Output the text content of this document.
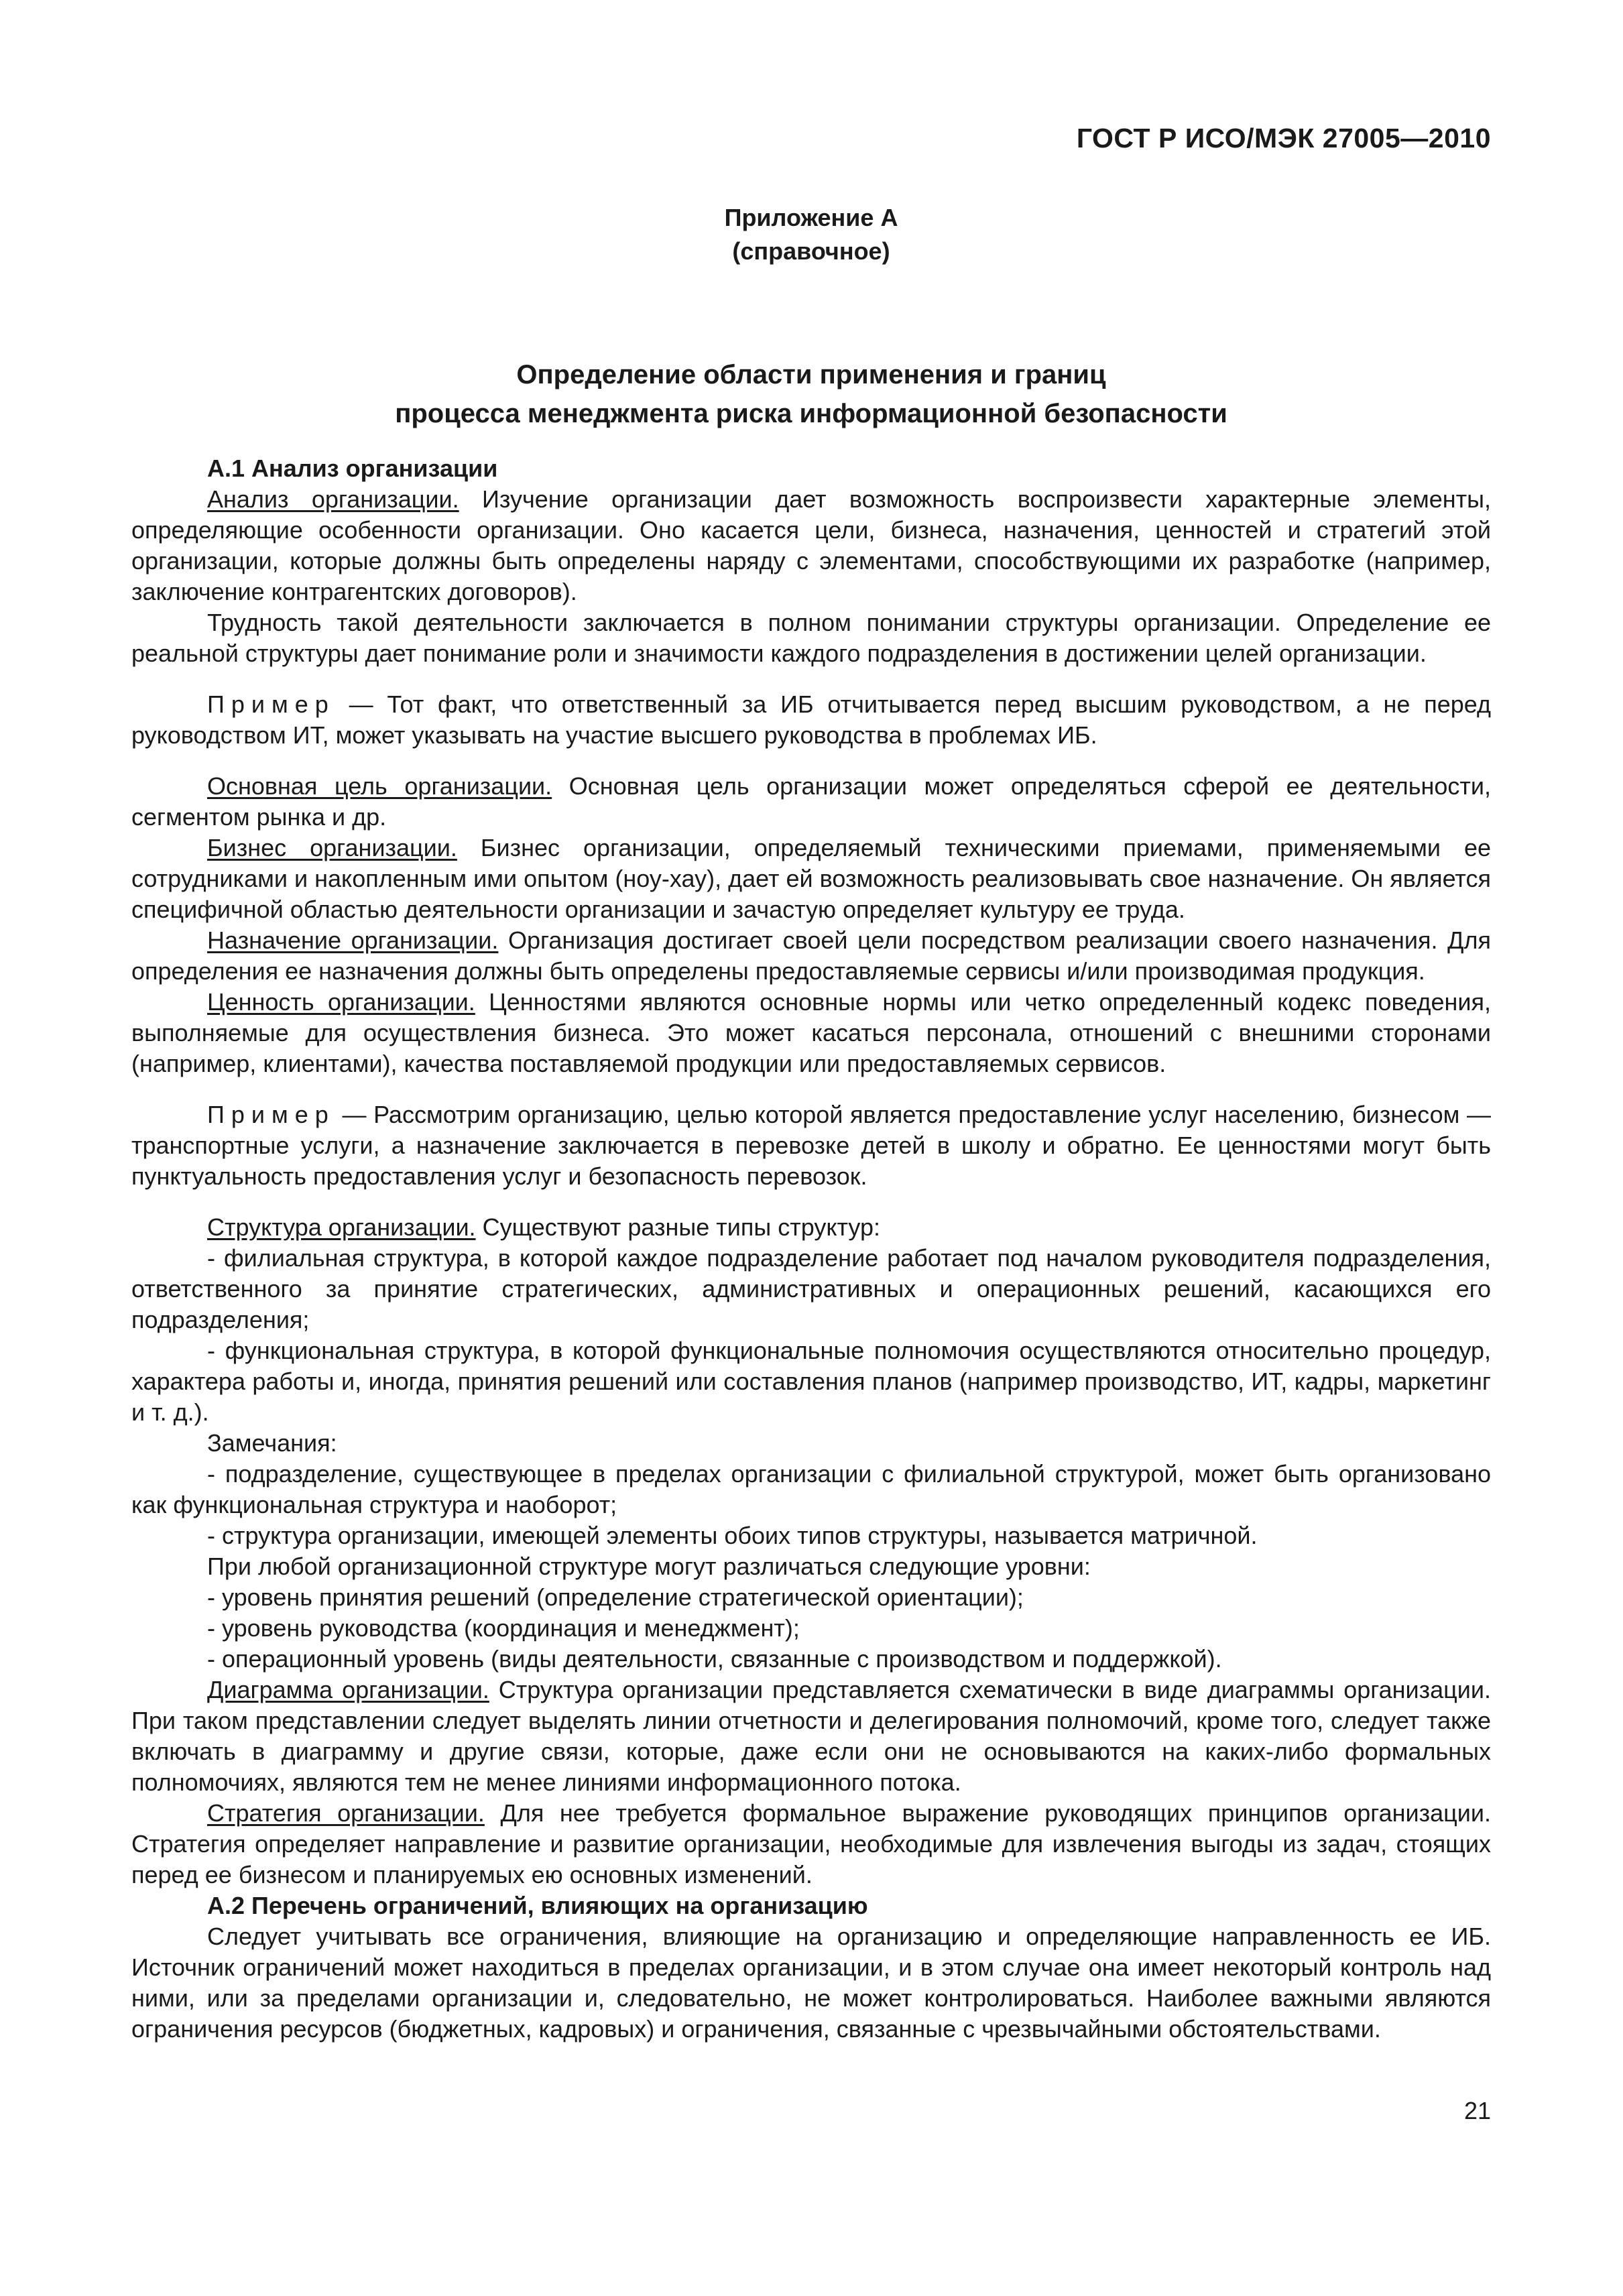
ГОСТ Р ИСО/МЭК 27005—2010

Приложение А
(справочное)
Определение области применения и границ
процесса менеджмента риска информационной безопасности
А.1 Анализ организации

Анализ организации. Изучение организации дает возможность воспроизвести характерные элементы, определяющие особенности организации. Оно касается цели, бизнеса, назначения, ценностей и стратегий этой организации, которые должны быть определены наряду с элементами, способствующими их разработке (например, заключение контрагентских договоров).

Трудность такой деятельности заключается в полном понимании структуры организации. Определение ее реальной структуры дает понимание роли и значимости каждого подразделения в достижении целей организации.

Пример — Тот факт, что ответственный за ИБ отчитывается перед высшим руководством, а не перед руководством ИТ, может указывать на участие высшего руководства в проблемах ИБ.

Основная цель организации. Основная цель организации может определяться сферой ее деятельности, сегментом рынка и др.

Бизнес организации. Бизнес организации, определяемый техническими приемами, применяемыми ее сотрудниками и накопленным ими опытом (ноу-хау), дает ей возможность реализовывать свое назначение. Он является специфичной областью деятельности организации и зачастую определяет культуру ее труда.

Назначение организации. Организация достигает своей цели посредством реализации своего назначения. Для определения ее назначения должны быть определены предоставляемые сервисы и/или производимая продукция.

Ценность организации. Ценностями являются основные нормы или четко определенный кодекс поведения, выполняемые для осуществления бизнеса. Это может касаться персонала, отношений с внешними сторонами (например, клиентами), качества поставляемой продукции или предоставляемых сервисов.

Пример — Рассмотрим организацию, целью которой является предоставление услуг населению, бизнесом — транспортные услуги, а назначение заключается в перевозке детей в школу и обратно. Ее ценностями могут быть пунктуальность предоставления услуг и безопасность перевозок.

Структура организации. Существуют разные типы структур:

- филиальная структура, в которой каждое подразделение работает под началом руководителя подразделения, ответственного за принятие стратегических, административных и операционных решений, касающихся его подразделения;

- функциональная структура, в которой функциональные полномочия осуществляются относительно процедур, характера работы и, иногда, принятия решений или составления планов (например производство, ИТ, кадры, маркетинг и т. д.).

Замечания:

- подразделение, существующее в пределах организации с филиальной структурой, может быть организовано как функциональная структура и наоборот;

- структура организации, имеющей элементы обоих типов структуры, называется матричной.

При любой организационной структуре могут различаться следующие уровни:

- уровень принятия решений (определение стратегической ориентации);

- уровень руководства (координация и менеджмент);

- операционный уровень (виды деятельности, связанные с производством и поддержкой).

Диаграмма организации. Структура организации представляется схематически в виде диаграммы организации. При таком представлении следует выделять линии отчетности и делегирования полномочий, кроме того, следует также включать в диаграмму и другие связи, которые, даже если они не основываются на каких-либо формальных полномочиях, являются тем не менее линиями информационного потока.

Стратегия организации. Для нее требуется формальное выражение руководящих принципов организации. Стратегия определяет направление и развитие организации, необходимые для извлечения выгоды из задач, стоящих перед ее бизнесом и планируемых ею основных изменений.

А.2 Перечень ограничений, влияющих на организацию

Следует учитывать все ограничения, влияющие на организацию и определяющие направленность ее ИБ. Источник ограничений может находиться в пределах организации, и в этом случае она имеет некоторый контроль над ними, или за пределами организации и, следовательно, не может контролироваться. Наиболее важными являются ограничения ресурсов (бюджетных, кадровых) и ограничения, связанные с чрезвычайными обстоятельствами.

21
